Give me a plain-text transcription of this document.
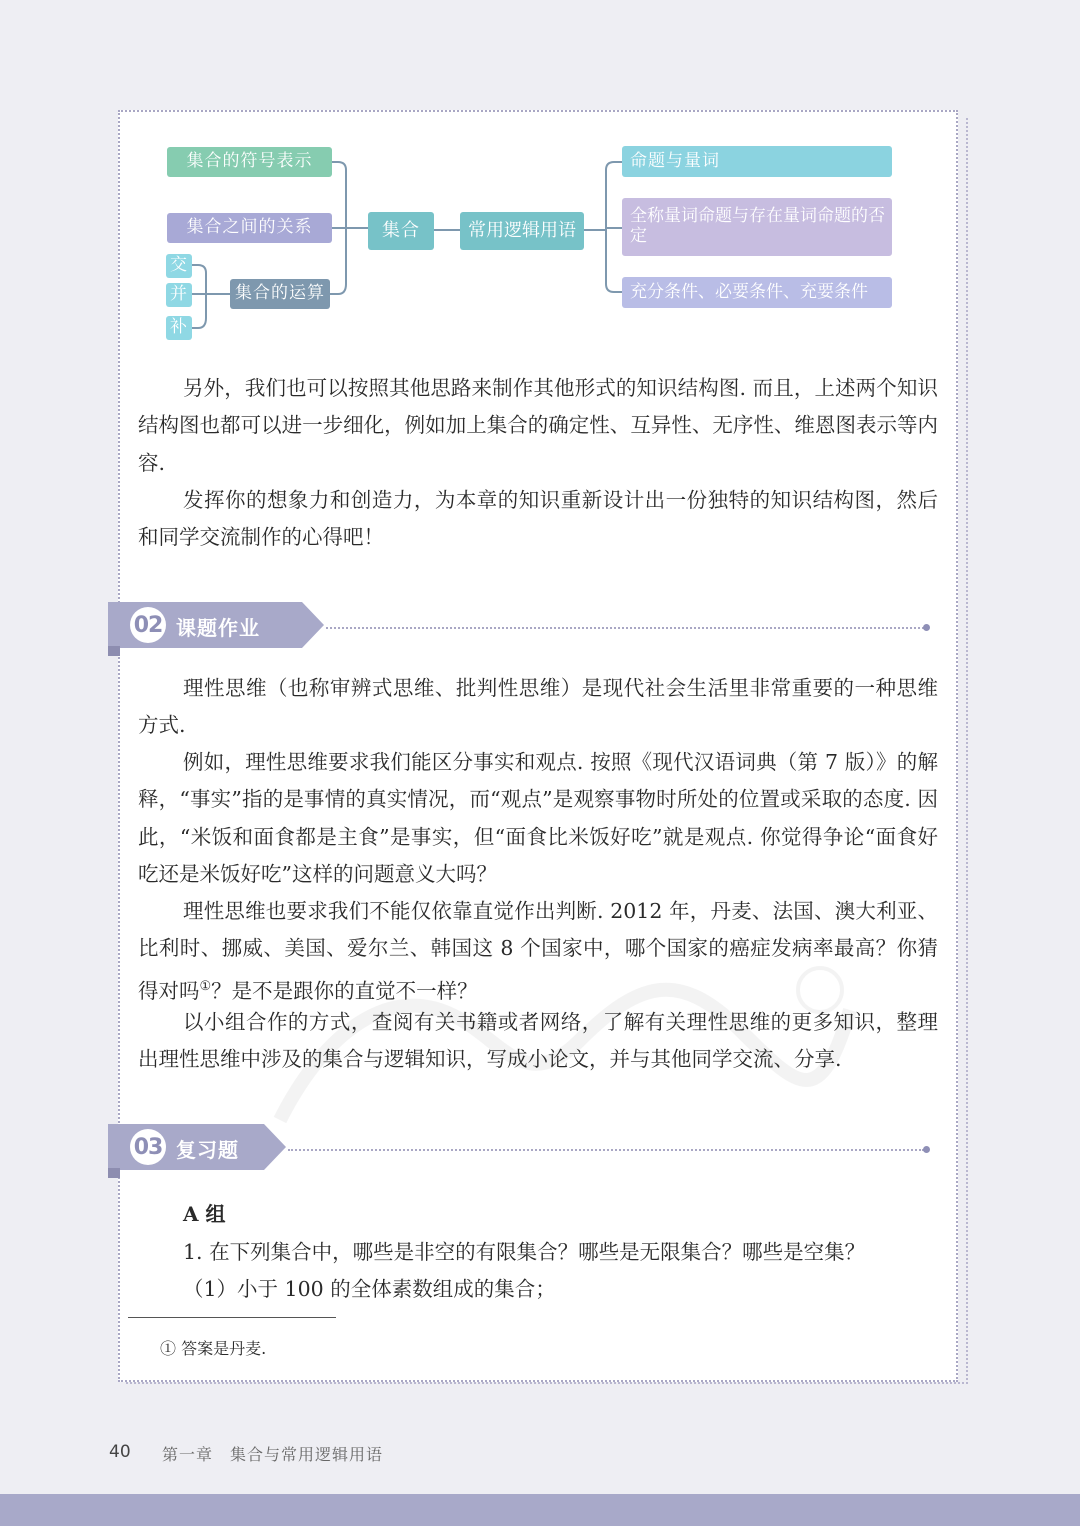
集合的符号表示
集合之间的关系
集合的运算
交
并
补
集合	常用逻辑用语
命题与量词
全称量词命题与存在量词命题的否定
充分条件、必要条件、充要条件

另外，我们也可以按照其他思路来制作其他形式的知识结构图. 而且，上述两个知识结构图也都可以进一步细化，例如加上集合的确定性、互异性、无序性、维恩图表示等内容.

发挥你的想象力和创造力，为本章的知识重新设计出一份独特的知识结构图，然后和同学交流制作的心得吧！

02 课题作业

理性思维（也称审辨式思维、批判性思维）是现代社会生活里非常重要的一种思维方式.

例如，理性思维要求我们能区分事实和观点. 按照《现代汉语词典（第 7 版）》的解释，“事实”指的是事情的真实情况，而“观点”是观察事物时所处的位置或采取的态度. 因此，“米饭和面食都是主食”是事实，但“面食比米饭好吃”就是观点. 你觉得争论“面食好吃还是米饭好吃”这样的问题意义大吗？

理性思维也要求我们不能仅依靠直觉作出判断. 2012 年，丹麦、法国、澳大利亚、比利时、挪威、美国、爱尔兰、韩国这 8 个国家中，哪个国家的癌症发病率最高？你猜得对吗①？是不是跟你的直觉不一样？

以小组合作的方式，查阅有关书籍或者网络，了解有关理性思维的更多知识，整理出理性思维中涉及的集合与逻辑知识，写成小论文，并与其他同学交流、分享.

03 复习题
A 组
1. 在下列集合中，哪些是非空的有限集合？哪些是无限集合？哪些是空集？
（1）小于 100 的全体素数组成的集合；
① 答案是丹麦.
40 第一章　集合与常用逻辑用语
